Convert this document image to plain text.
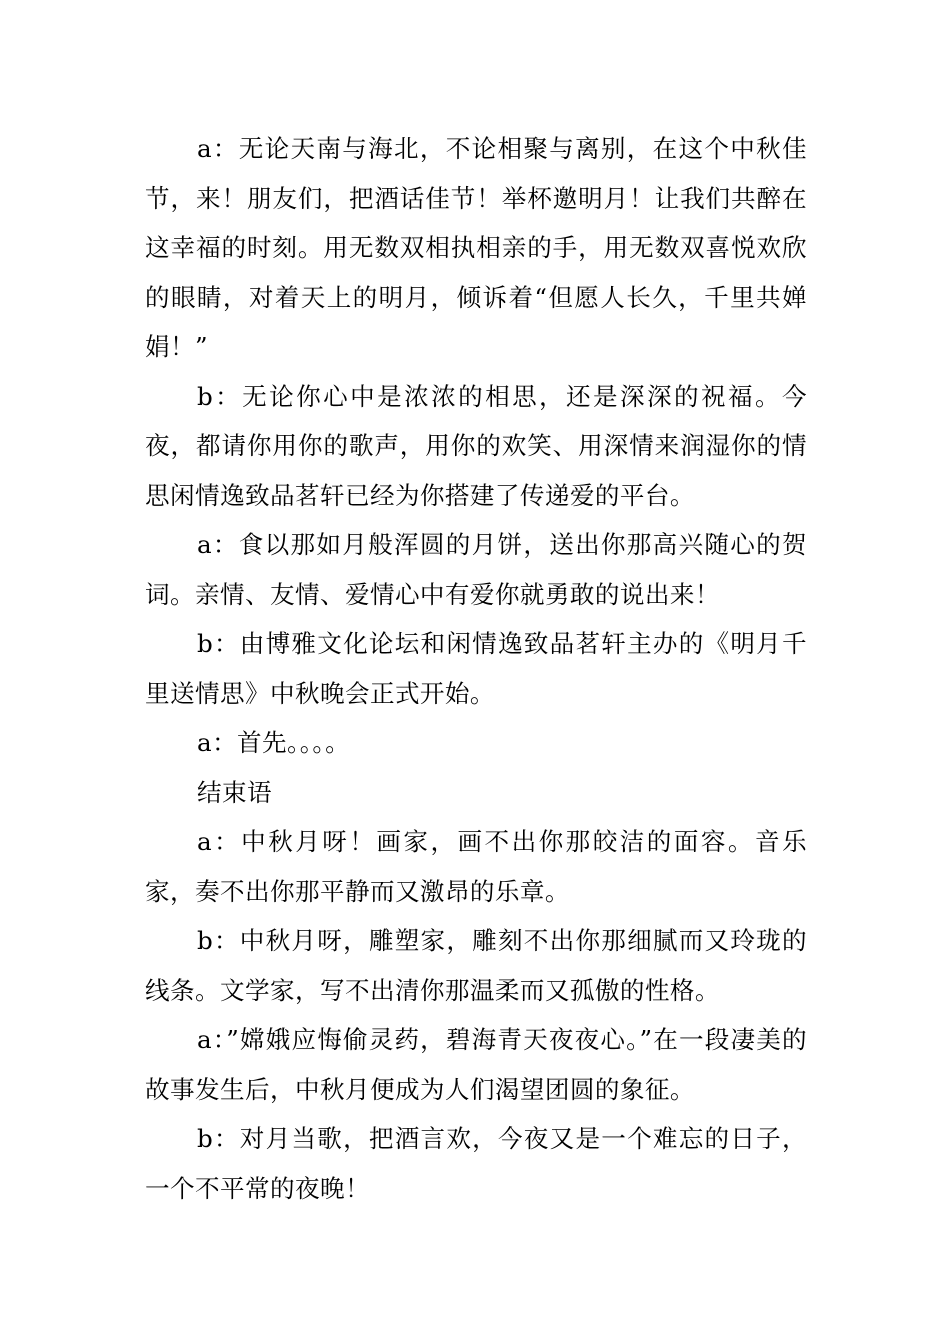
a：无论天南与海北，不论相聚与离别，在这个中秋佳节，来！朋友们，把酒话佳节！举杯邀明月！让我们共醉在这幸福的时刻。用无数双相执相亲的手，用无数双喜悦欢欣的眼睛，对着天上的明月，倾诉着“但愿人长久，千里共婵娟！”

b：无论你心中是浓浓的相思，还是深深的祝福。今夜，都请你用你的歌声，用你的欢笑、用深情来润湿你的情思闲情逸致品茗轩已经为你搭建了传递爱的平台。

a：食以那如月般浑圆的月饼，送出你那高兴随心的贺词。亲情、友情、爱情心中有爱你就勇敢的说出来！

b：由博雅文化论坛和闲情逸致品茗轩主办的《明月千里送情思》中秋晚会正式开始。

a：首先。。。。

结束语

a：中秋月呀！画家，画不出你那皎洁的面容。音乐家，奏不出你那平静而又激昂的乐章。

b：中秋月呀，雕塑家，雕刻不出你那细腻而又玲珑的线条。文学家，写不出清你那温柔而又孤傲的性格。

a：”嫦娥应悔偷灵药，碧海青天夜夜心。”在一段凄美的故事发生后，中秋月便成为人们渴望团圆的象征。

b：对月当歌，把酒言欢，今夜又是一个难忘的日子，一个不平常的夜晚！
